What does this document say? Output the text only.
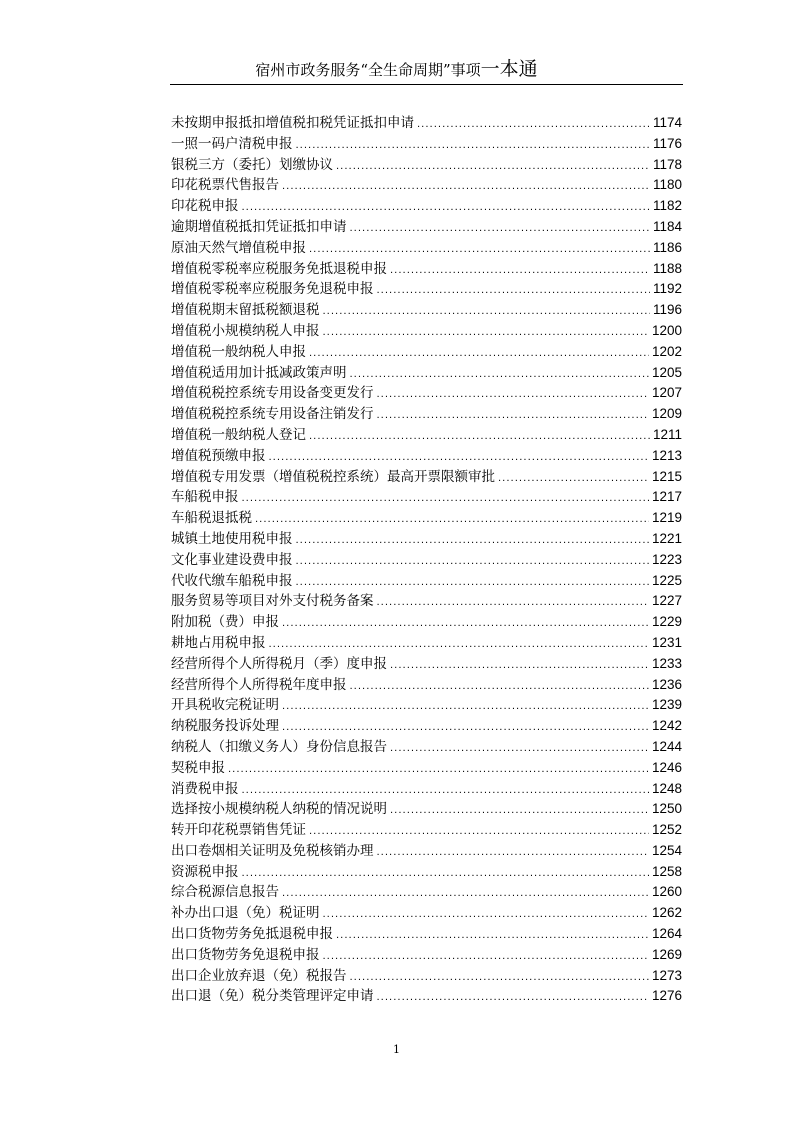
宿州市政务服务“全生命周期”事项一本通
未按期申报抵扣增值税扣税凭证抵扣申请 .....	1174
一照一码户清税申报 .....	1176
银税三方（委托）划缴协议 .....	1178
印花税票代售报告 .....	1180
印花税申报 .....	1182
逾期增值税抵扣凭证抵扣申请 .....	1184
原油天然气增值税申报 .....	1186
增值税零税率应税服务免抵退税申报 .....	1188
增值税零税率应税服务免退税申报 .....	1192
增值税期末留抵税额退税 .....	1196
增值税小规模纳税人申报 .....	1200
增值税一般纳税人申报 .....	1202
增值税适用加计抵减政策声明 .....	1205
增值税税控系统专用设备变更发行 .....	1207
增值税税控系统专用设备注销发行 .....	1209
增值税一般纳税人登记 .....	1211
增值税预缴申报 .....	1213
增值税专用发票（增值税税控系统）最高开票限额审批 .....	1215
车船税申报 .....	1217
车船税退抵税 .....	1219
城镇土地使用税申报 .....	1221
文化事业建设费申报 .....	1223
代收代缴车船税申报 .....	1225
服务贸易等项目对外支付税务备案 .....	1227
附加税（费）申报 .....	1229
耕地占用税申报 .....	1231
经营所得个人所得税月（季）度申报 .....	1233
经营所得个人所得税年度申报 .....	1236
开具税收完税证明 .....	1239
纳税服务投诉处理 .....	1242
纳税人（扣缴义务人）身份信息报告 .....	1244
契税申报 .....	1246
消费税申报 .....	1248
选择按小规模纳税人纳税的情况说明 .....	1250
转开印花税票销售凭证 .....	1252
出口卷烟相关证明及免税核销办理 .....	1254
资源税申报 .....	1258
综合税源信息报告 .....	1260
补办出口退（免）税证明 .....	1262
出口货物劳务免抵退税申报 .....	1264
出口货物劳务免退税申报 .....	1269
出口企业放弃退（免）税报告 .....	1273
出口退（免）税分类管理评定申请 .....	1276
1
